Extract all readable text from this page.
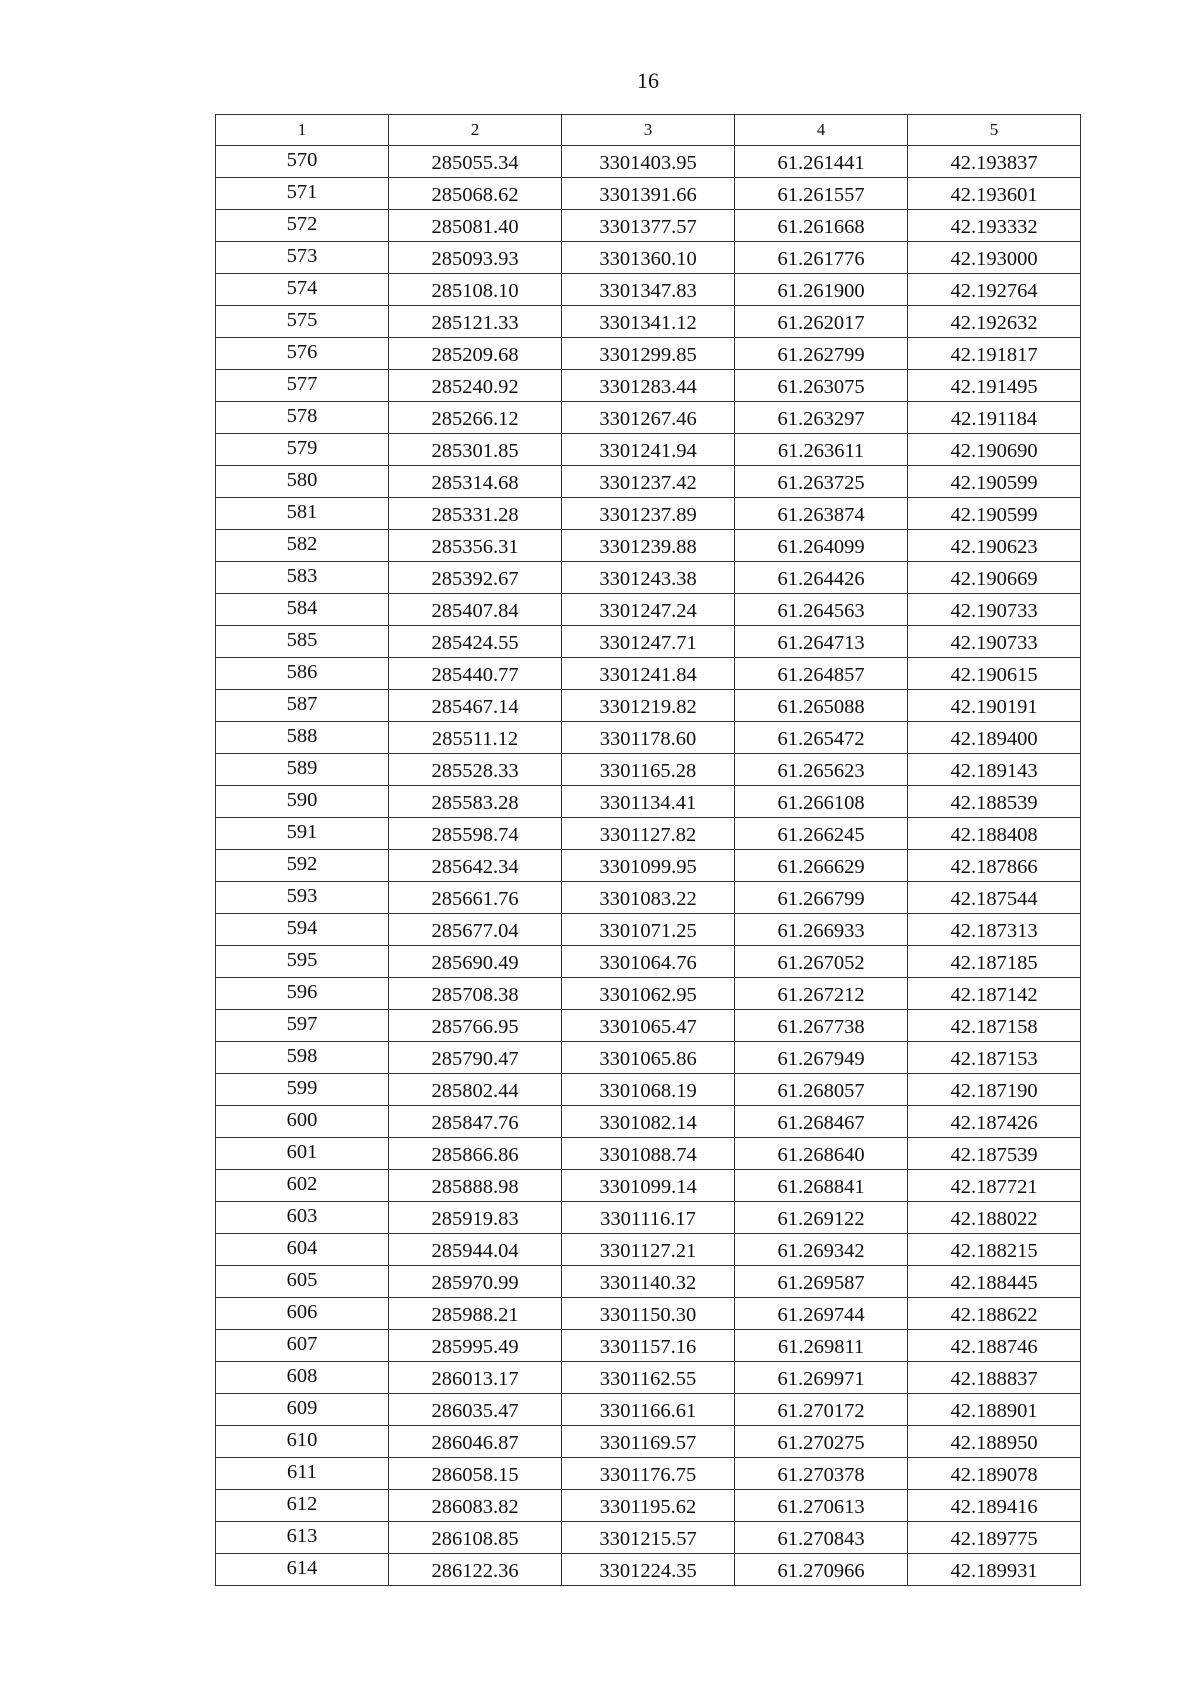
16
1	2	3	4	5
570	285055.34	3301403.95	61.261441	42.193837
571	285068.62	3301391.66	61.261557	42.193601
572	285081.40	3301377.57	61.261668	42.193332
573	285093.93	3301360.10	61.261776	42.193000
574	285108.10	3301347.83	61.261900	42.192764
575	285121.33	3301341.12	61.262017	42.192632
576	285209.68	3301299.85	61.262799	42.191817
577	285240.92	3301283.44	61.263075	42.191495
578	285266.12	3301267.46	61.263297	42.191184
579	285301.85	3301241.94	61.263611	42.190690
580	285314.68	3301237.42	61.263725	42.190599
581	285331.28	3301237.89	61.263874	42.190599
582	285356.31	3301239.88	61.264099	42.190623
583	285392.67	3301243.38	61.264426	42.190669
584	285407.84	3301247.24	61.264563	42.190733
585	285424.55	3301247.71	61.264713	42.190733
586	285440.77	3301241.84	61.264857	42.190615
587	285467.14	3301219.82	61.265088	42.190191
588	285511.12	3301178.60	61.265472	42.189400
589	285528.33	3301165.28	61.265623	42.189143
590	285583.28	3301134.41	61.266108	42.188539
591	285598.74	3301127.82	61.266245	42.188408
592	285642.34	3301099.95	61.266629	42.187866
593	285661.76	3301083.22	61.266799	42.187544
594	285677.04	3301071.25	61.266933	42.187313
595	285690.49	3301064.76	61.267052	42.187185
596	285708.38	3301062.95	61.267212	42.187142
597	285766.95	3301065.47	61.267738	42.187158
598	285790.47	3301065.86	61.267949	42.187153
599	285802.44	3301068.19	61.268057	42.187190
600	285847.76	3301082.14	61.268467	42.187426
601	285866.86	3301088.74	61.268640	42.187539
602	285888.98	3301099.14	61.268841	42.187721
603	285919.83	3301116.17	61.269122	42.188022
604	285944.04	3301127.21	61.269342	42.188215
605	285970.99	3301140.32	61.269587	42.188445
606	285988.21	3301150.30	61.269744	42.188622
607	285995.49	3301157.16	61.269811	42.188746
608	286013.17	3301162.55	61.269971	42.188837
609	286035.47	3301166.61	61.270172	42.188901
610	286046.87	3301169.57	61.270275	42.188950
611	286058.15	3301176.75	61.270378	42.189078
612	286083.82	3301195.62	61.270613	42.189416
613	286108.85	3301215.57	61.270843	42.189775
614	286122.36	3301224.35	61.270966	42.189931
